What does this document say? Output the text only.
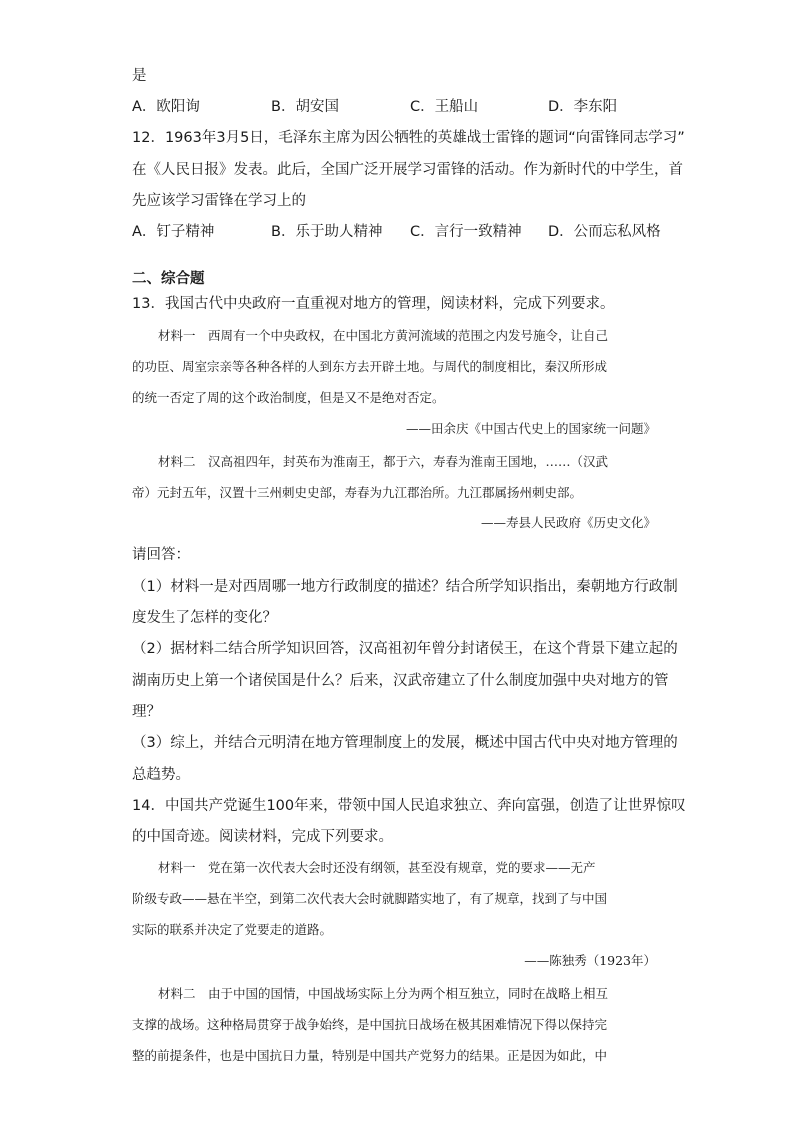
是
A．欧阳询	B．胡安国	C．王船山	D．李东阳
12．1963年3月5日，毛泽东主席为因公牺牲的英雄战士雷锋的题词“向雷锋同志学习”
在《人民日报》发表。此后，全国广泛开展学习雷锋的活动。作为新时代的中学生，首
先应该学习雷锋在学习上的
A．钉子精神	B．乐于助人精神 C．言行一致精神 D．公而忘私风格
二、综合题
13．我国古代中央政府一直重视对地方的管理，阅读材料，完成下列要求。
材料一　西周有一个中央政权，在中国北方黄河流域的范围之内发号施令，让自己
的功臣、周室宗亲等各种各样的人到东方去开辟土地。与周代的制度相比，秦汉所形成
的统一否定了周的这个政治制度，但是又不是绝对否定。
——田余庆《中国古代史上的国家统一问题》
材料二　汉高祖四年，封英布为淮南王，都于六，寿春为淮南王国地，……（汉武
帝）元封五年，汉置十三州刺史史部，寿春为九江郡治所。九江郡属扬州刺史部。
——寿县人民政府《历史文化》
请回答：
（1）材料一是对西周哪一地方行政制度的描述？结合所学知识指出，秦朝地方行政制
度发生了怎样的变化？
（2）据材料二结合所学知识回答，汉高祖初年曾分封诸侯王，在这个背景下建立起的
湖南历史上第一个诸侯国是什么？后来，汉武帝建立了什么制度加强中央对地方的管
理？
（3）综上，并结合元明清在地方管理制度上的发展，概述中国古代中央对地方管理的
总趋势。
14．中国共产党诞生100年来，带领中国人民追求独立、奔向富强，创造了让世界惊叹
的中国奇迹。阅读材料，完成下列要求。
材料一　党在第一次代表大会时还没有纲领，甚至没有规章，党的要求——无产
阶级专政——悬在半空，到第二次代表大会时就脚踏实地了，有了规章，找到了与中国
实际的联系并决定了党要走的道路。
——陈独秀（1923年）
材料二　由于中国的国情，中国战场实际上分为两个相互独立，同时在战略上相互
支撑的战场。这种格局贯穿于战争始终，是中国抗日战场在极其困难情况下得以保持完
整的前提条件，也是中国抗日力量，特别是中国共产党努力的结果。正是因为如此，中
